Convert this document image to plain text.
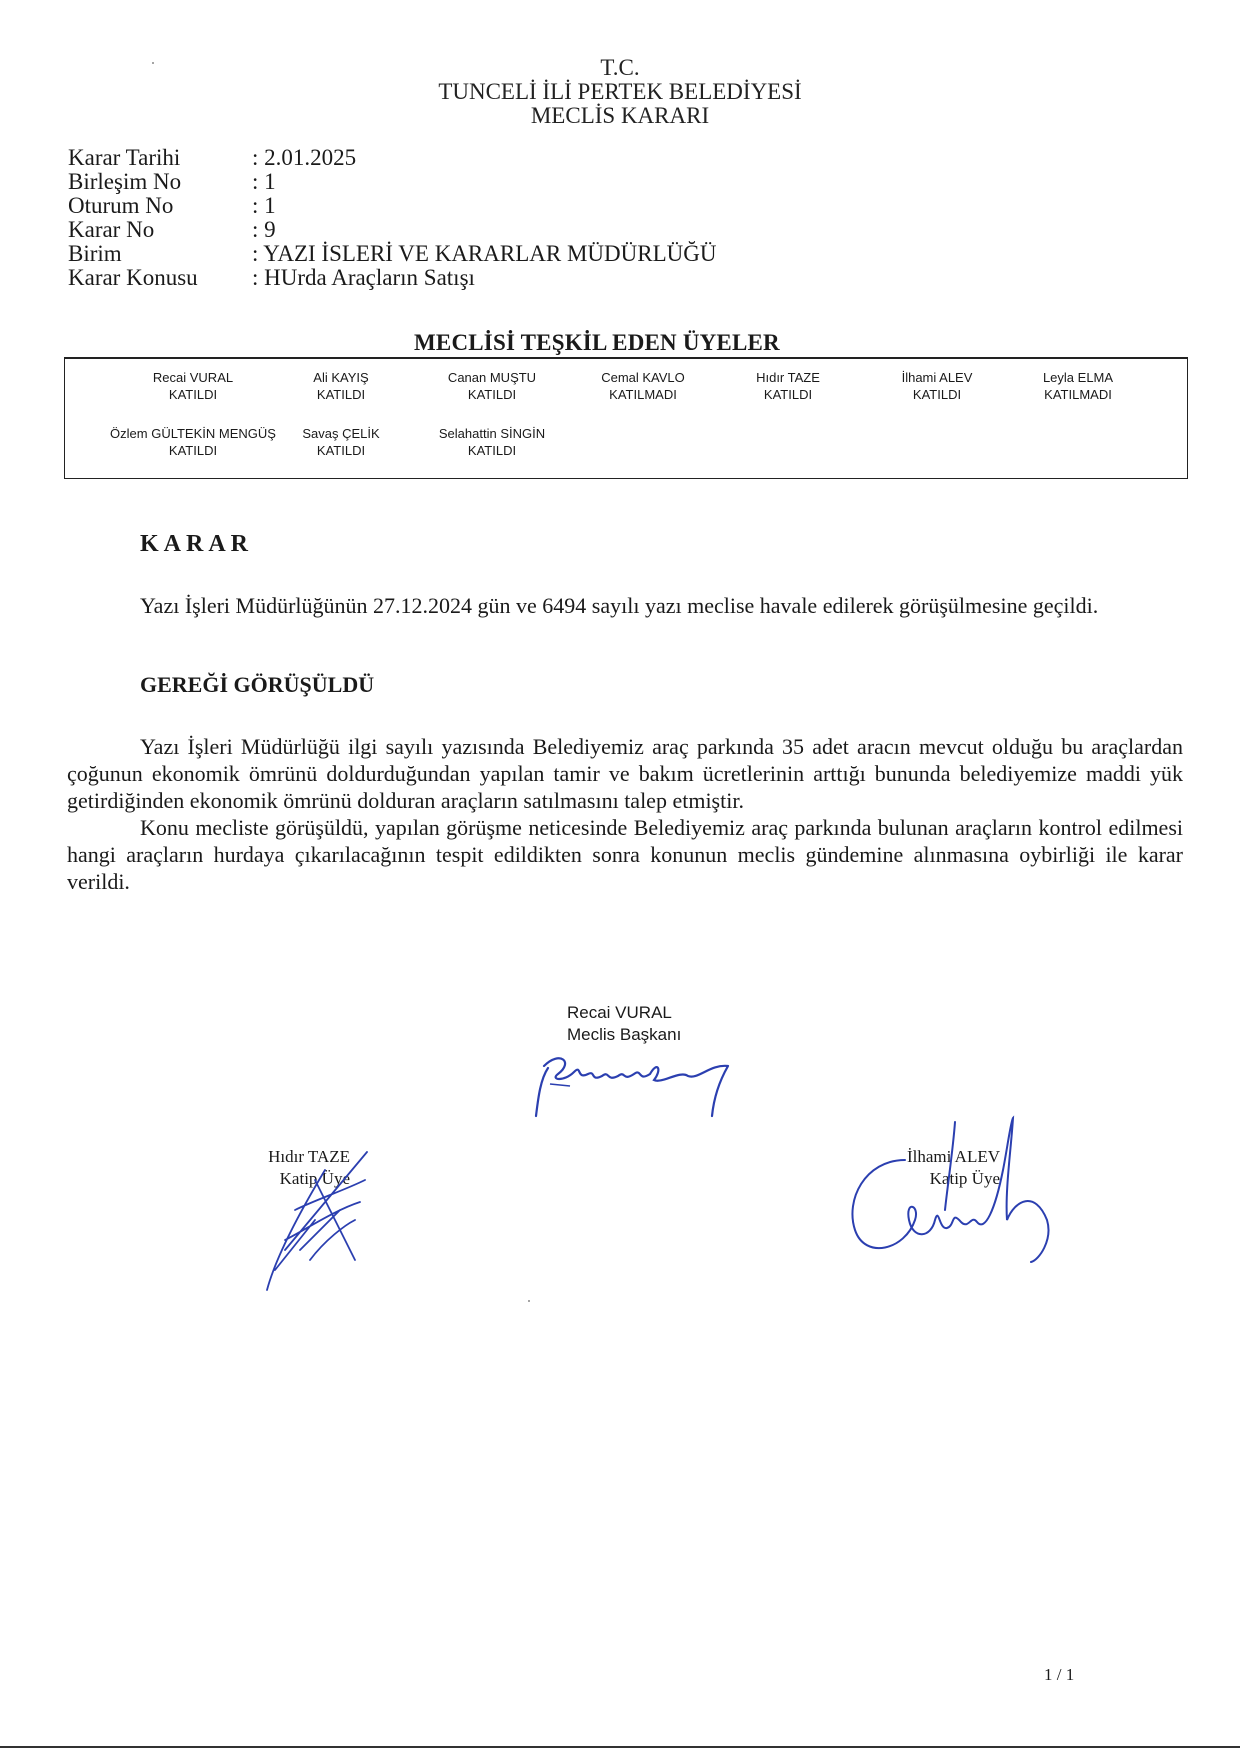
T.C.
TUNCELİ İLİ PERTEK BELEDİYESİ
MECLİS KARARI
Karar Tarihi	: 2.01.2025
Birleşim No	: 1
Oturum No	: 1
Karar No	: 9
Birim	: YAZI İSLERİ VE KARARLAR MÜDÜRLÜĞÜ
Karar Konusu	: HUrda Araçların Satışı
MECLİSİ TEŞKİL EDEN ÜYELER
Recai VURAL
KATILDI
Ali KAYIŞ
KATILDI
Canan MUŞTU
KATILDI
Cemal KAVLO
KATILMADI
Hıdır TAZE
KATILDI
İlhami ALEV
KATILDI
Leyla ELMA
KATILMADI
Özlem GÜLTEKİN MENGÜŞ
KATILDI
Savaş ÇELİK
KATILDI
Selahattin SİNGİN
KATILDI
KARAR
Yazı İşleri Müdürlüğünün 27.12.2024 gün ve 6494 sayılı yazı meclise havale edilerek görüşülmesine geçildi.
GEREĞİ GÖRÜŞÜLDÜ
Yazı İşleri Müdürlüğü ilgi sayılı yazısında Belediyemiz araç parkında 35 adet aracın mevcut olduğu bu araçlardan çoğunun ekonomik ömrünü doldurduğundan yapılan tamir ve bakım ücretlerinin arttığı bununda belediyemize maddi yük getirdiğinden ekonomik ömrünü dolduran araçların satılmasını talep etmiştir.
Konu mecliste görüşüldü, yapılan görüşme neticesinde Belediyemiz araç parkında bulunan araçların kontrol edilmesi hangi araçların hurdaya çıkarılacağının tespit edildikten sonra konunun meclis gündemine alınmasına oybirliği ile karar verildi.
Recai VURAL
Meclis Başkanı
Hıdır TAZE
Katip Üye
İlhami ALEV
Katip Üye
1 / 1
